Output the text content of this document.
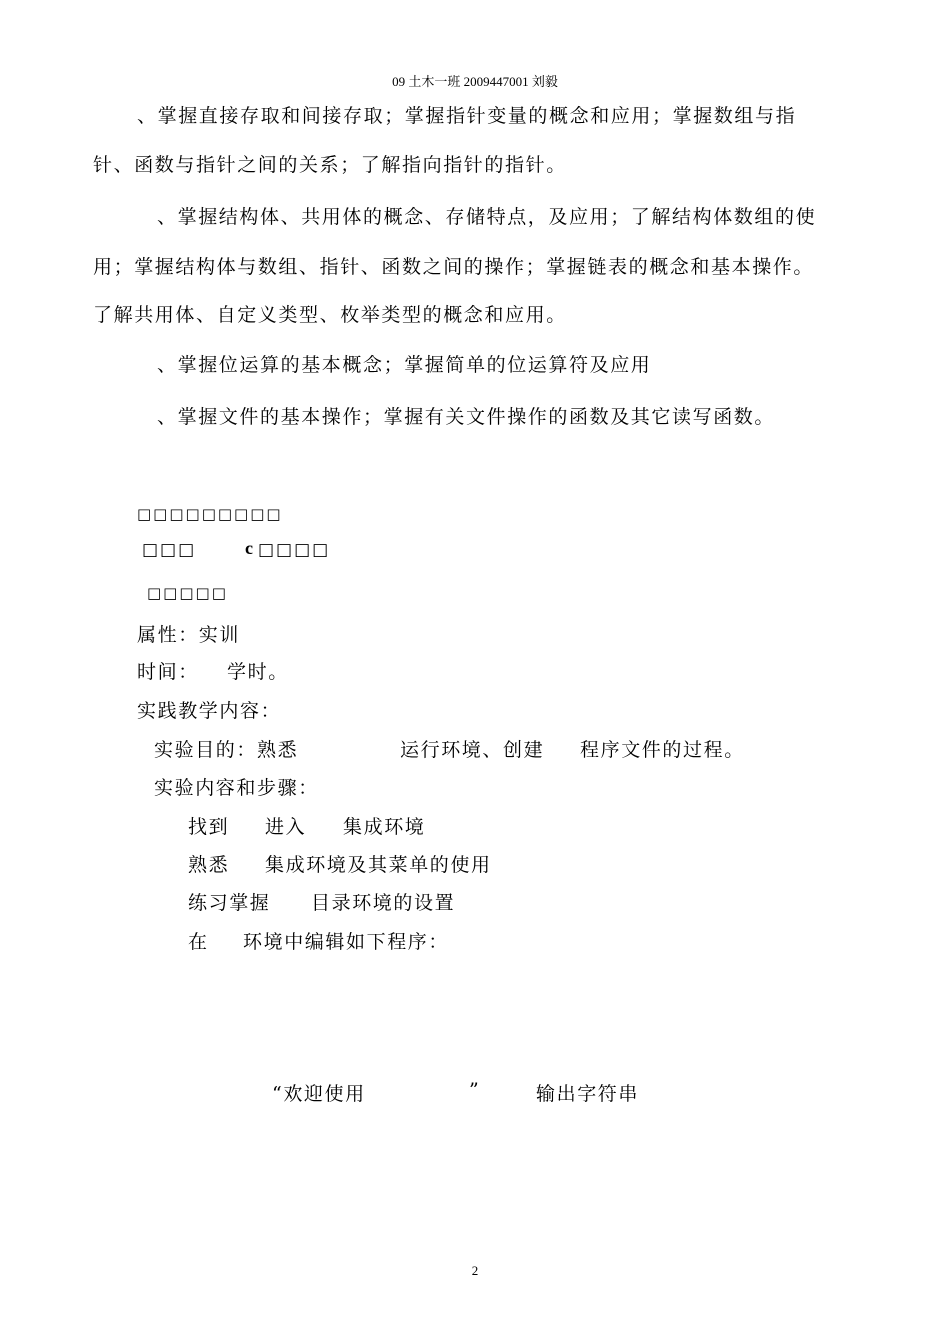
09 土木一班 2009447001 刘毅
、掌握直接存取和间接存取；掌握指针变量的概念和应用；掌握数组与指
针、函数与指针之间的关系；了解指向指针的指针。
、掌握结构体、共用体的概念、存储特点，及应用；了解结构体数组的使
用；掌握结构体与数组、指针、函数之间的操作；掌握链表的概念和基本操作。
了解共用体、自定义类型、枚举类型的概念和应用。
、掌握位运算的基本概念；掌握简单的位运算符及应用
、掌握文件的基本操作；掌握有关文件操作的函数及其它读写函数。
□□□□□□□□□
□□□	c □□□□
□□□□□
属性：实训
时间： 学时。
实践教学内容：
实验目的：熟悉	运行环境、创建 程序文件的过程。
实验内容和步骤：
找到 进入 集成环境
熟悉 集成环境及其菜单的使用
练习掌握 目录环境的设置
在 环境中编辑如下程序：
“欢迎使用	”	输出字符串
2
